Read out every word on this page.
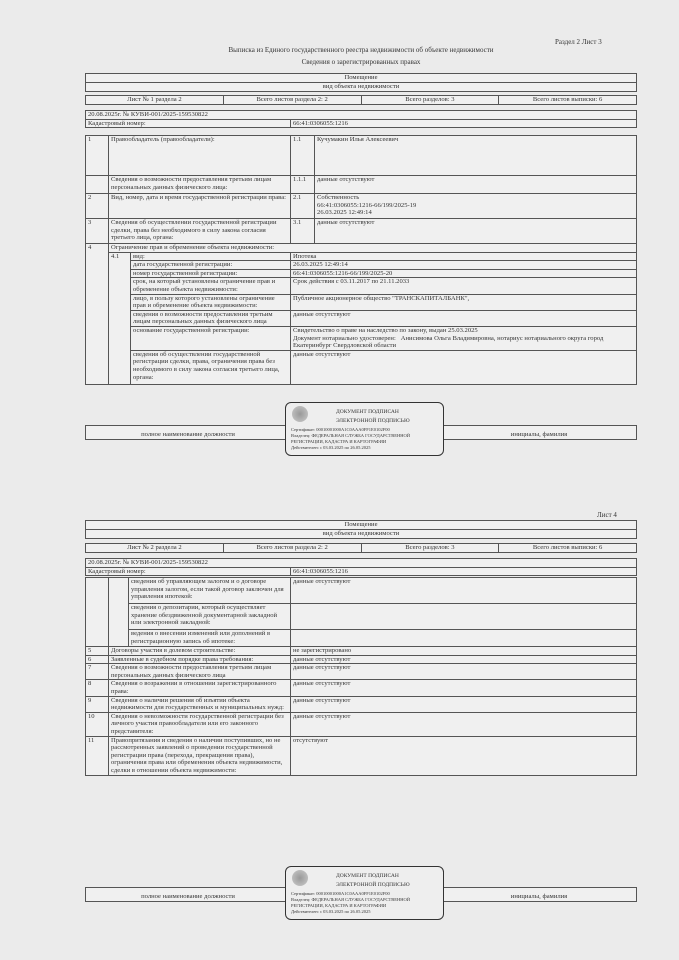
Раздел 2 Лист 3
Выписка из Единого государственного реестра недвижимости об объекте недвижимости
Сведения о зарегистрированных правах
Помещение
вид объекта недвижимости
Лист № 1 раздела 2	Всего листов раздела 2: 2	Всего разделов: 3	Всего листов выписки: 6
20.08.2025г. № КУВИ-001/2025-159530822
Кадастровый номер:	66:41:0306055:1216
1	Правообладатель (правообладатели):		1.1	Кучумакин Илья Алексеевич
	Сведения о возможности предоставления третьим лицам персональных данных физического лица:		1.1.1	данные отсутствуют
2	Вид, номер, дата и время государственной регистрации права:		2.1	Собственность
66:41:0306055:1216-66/199/2025-19
26.03.2025 12:49:14

3	Сведения об осуществлении государственной регистрации сделки, права без необходимого в силу закона согласия третьего лица, органа:		3.1	данные отсутствуют
4	Ограничение прав и обременение объекта недвижимости:			
	4.1	вид:	Ипотека	
		дата государственной регистрации:	26.03.2025 12:49:14	
		номер государственной регистрации:	66:41:0306055:1216-66/199/2025-20	
		срок, на который установлены ограничение прав и обременение объекта недвижимости:	Срок действия с 03.11.2017 по 21.11.2033	
		лицо, в пользу которого установлены ограничение прав и обременение объекта недвижимости:	Публичное акционерное общество "ТРАНСКАПИТАЛБАНК",	
		сведения о возможности предоставления третьим лицам персональных данных физического лица	данные отсутствуют	
		основание государственной регистрации:	Свидетельство о праве на наследство по закону, выдан 25.03.2025
Документ нотариально удостоверен: Анисимова Ольга Владимировна, нотариус нотариального округа город Екатеринбург Свердловской области	

		сведения об осуществлении государственной регистрации сделки, права, ограничения права без необходимого в силу закона согласия третьего лица, органа:	данные отсутствуют	
полное наименование должности		инициалы, фамилия
ДОКУМЕНТ ПОДПИСАН
ЭЛЕКТРОННОЙ ПОДПИСЬЮ
Сертификат: 00010001000A1C0AAA0FF1E0102F00
Владелец: ФЕДЕРАЛЬНАЯ СЛУЖБА ГОСУДАРСТВЕННОЙ
РЕГИСТРАЦИИ, КАДАСТРА И КАРТОГРАФИИ
Действителен: с 03.03.2025 по 26.05.2025
Лист 4
Помещение
вид объекта недвижимости
Лист № 2 раздела 2	Всего листов раздела 2: 2	Всего разделов: 3	Всего листов выписки: 6
20.08.2025г. № КУВИ-001/2025-159530822
Кадастровый номер:	66:41:0306055:1216
		сведения об управляющем залогом и о договоре управления залогом, если такой договор заключен для управления ипотекой:	данные отсутствуют
		сведения о депозитарии, который осуществляет хранение обездвиженной документарной закладной или электронной закладной:	
		ведения о внесении изменений или дополнений в регистрационную запись об ипотеке:	
5	Договоры участия в долевом строительстве:		не зарегистрировано
6	Заявленные в судебном порядке права требования:		данные отсутствуют
7	Сведения о возможности предоставления третьим лицам персональных данных физического лица		данные отсутствуют
8	Сведения о возражении в отношении зарегистрированного права:		данные отсутствуют
9	Сведения о наличии решения об изъятии объекта недвижимости для государственных и муниципальных нужд:		данные отсутствуют
10	Сведения о невозможности государственной регистрации без личного участия правообладателя или его законного представителя:		данные отсутствуют
11	Правопритязания и сведения о наличии поступивших, но не рассмотренных заявлений о проведении государственной регистрации права (перехода, прекращения права), ограничения права или обременения объекта недвижимости, сделки в отношении объекта недвижимости:		отсутствуют
полное наименование должности		инициалы, фамилия
ДОКУМЕНТ ПОДПИСАН
ЭЛЕКТРОННОЙ ПОДПИСЬЮ
Сертификат: 00010001000A1C0AAA0FF1E0102F00
Владелец: ФЕДЕРАЛЬНАЯ СЛУЖБА ГОСУДАРСТВЕННОЙ
РЕГИСТРАЦИИ, КАДАСТРА И КАРТОГРАФИИ
Действителен: с 03.03.2025 по 26.05.2025
